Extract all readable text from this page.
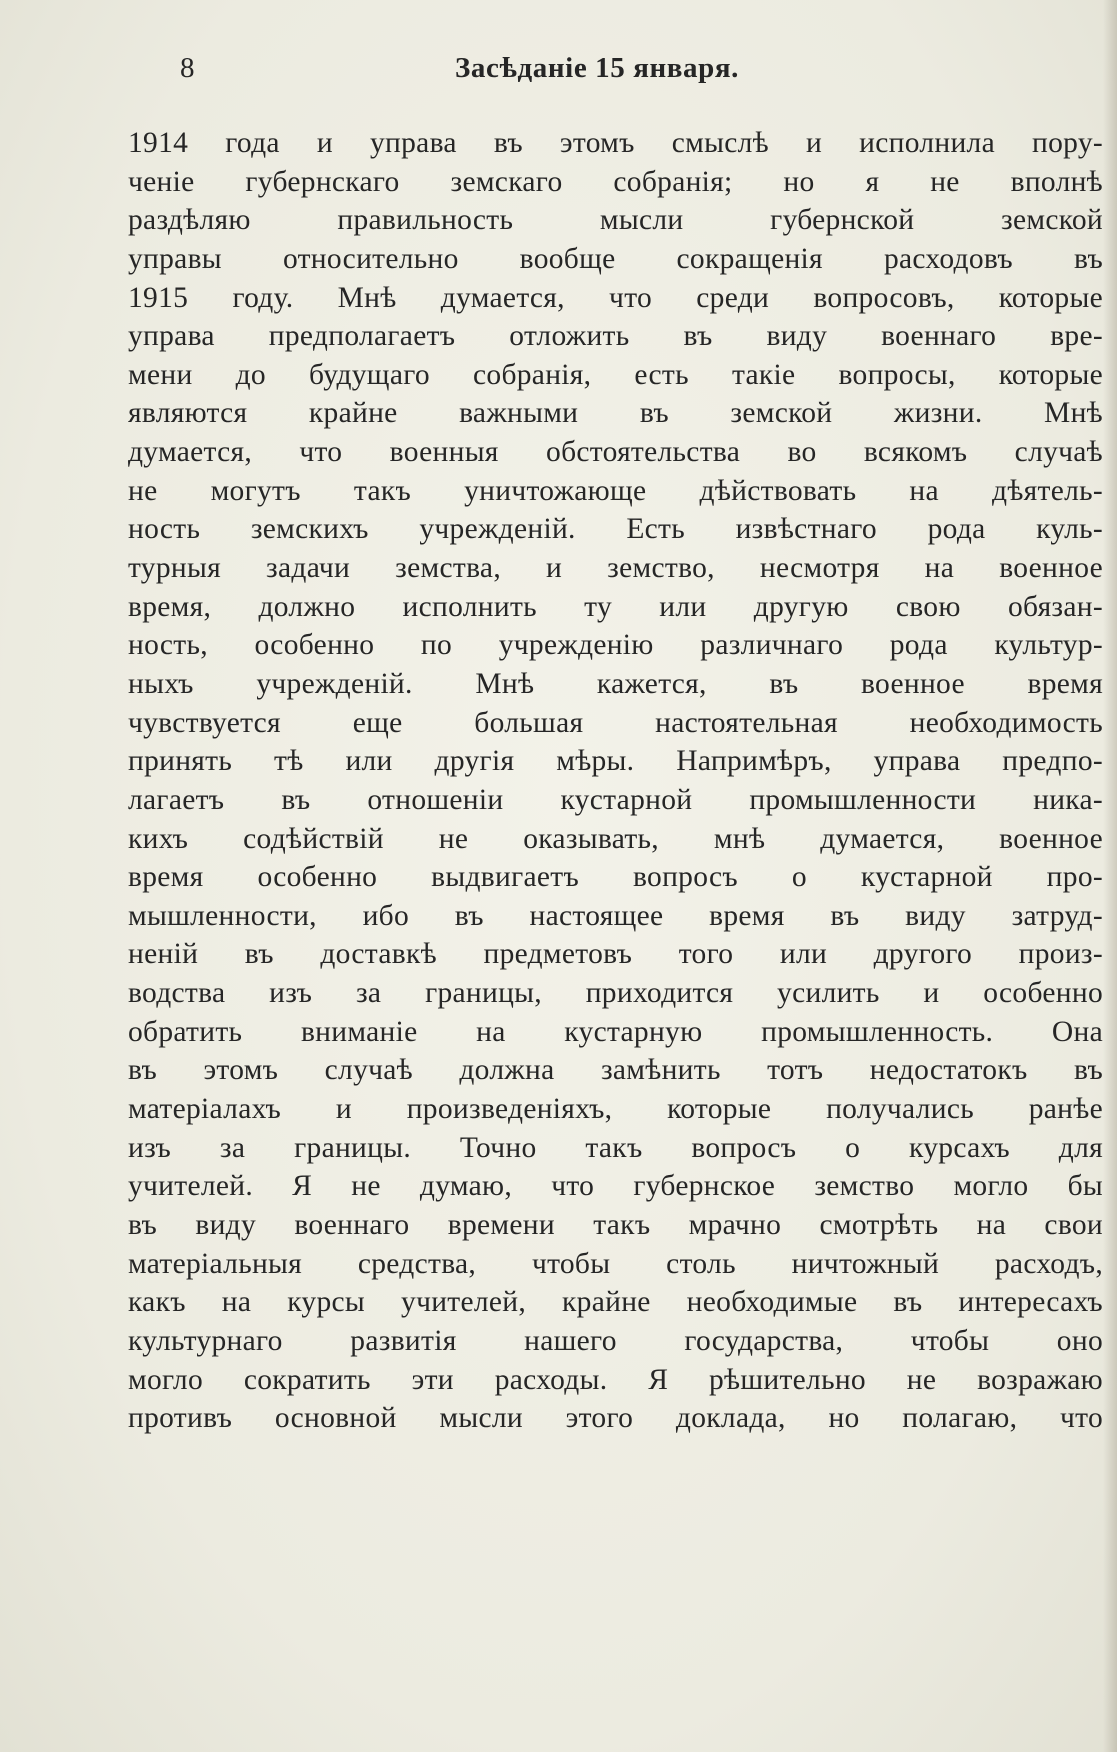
8	Засѣданіе 15 января.
1914 года и управа въ этомъ смыслѣ и исполнила пору-
ченіе губернскаго земскаго собранія; но я не вполнѣ
раздѣляю правильность мысли губернской земской
управы относительно вообще сокращенія расходовъ въ
1915 году. Мнѣ думается, что среди вопросовъ, которые
управа предполагаетъ отложить въ виду военнаго вре-
мени до будущаго собранія, есть такіе вопросы, которые
являются крайне важными въ земской жизни. Мнѣ
думается, что военныя обстоятельства во всякомъ случаѣ
не могутъ такъ уничтожающе дѣйствовать на дѣятель-
ность земскихъ учрежденій. Есть извѣстнаго рода куль-
турныя задачи земства, и земство, несмотря на военное
время, должно исполнить ту или другую свою обязан-
ность, особенно по учрежденію различнаго рода культур-
ныхъ учрежденій. Мнѣ кажется, въ военное время
чувствуется еще большая настоятельная необходимость
принять тѣ или другія мѣры. Напримѣръ, управа предпо-
лагаетъ въ отношеніи кустарной промышленности ника-
кихъ содѣйствій не оказывать, мнѣ думается, военное
время особенно выдвигаетъ вопросъ о кустарной про-
мышленности, ибо въ настоящее время въ виду затруд-
неній въ доставкѣ предметовъ того или другого произ-
водства изъ за границы, приходится усилить и особенно
обратить вниманіе на кустарную промышленность. Она
въ этомъ случаѣ должна замѣнить тотъ недостатокъ въ
матеріалахъ и произведеніяхъ, которые получались ранѣе
изъ за границы. Точно такъ вопросъ о курсахъ для
учителей. Я не думаю, что губернское земство могло бы
въ виду военнаго времени такъ мрачно смотрѣть на свои
матеріальныя средства, чтобы столь ничтожный расходъ,
какъ на курсы учителей, крайне необходимые въ интересахъ
культурнаго развитія нашего государства, чтобы оно
могло сократить эти расходы. Я рѣшительно не возражаю
противъ основной мысли этого доклада, но полагаю, что
